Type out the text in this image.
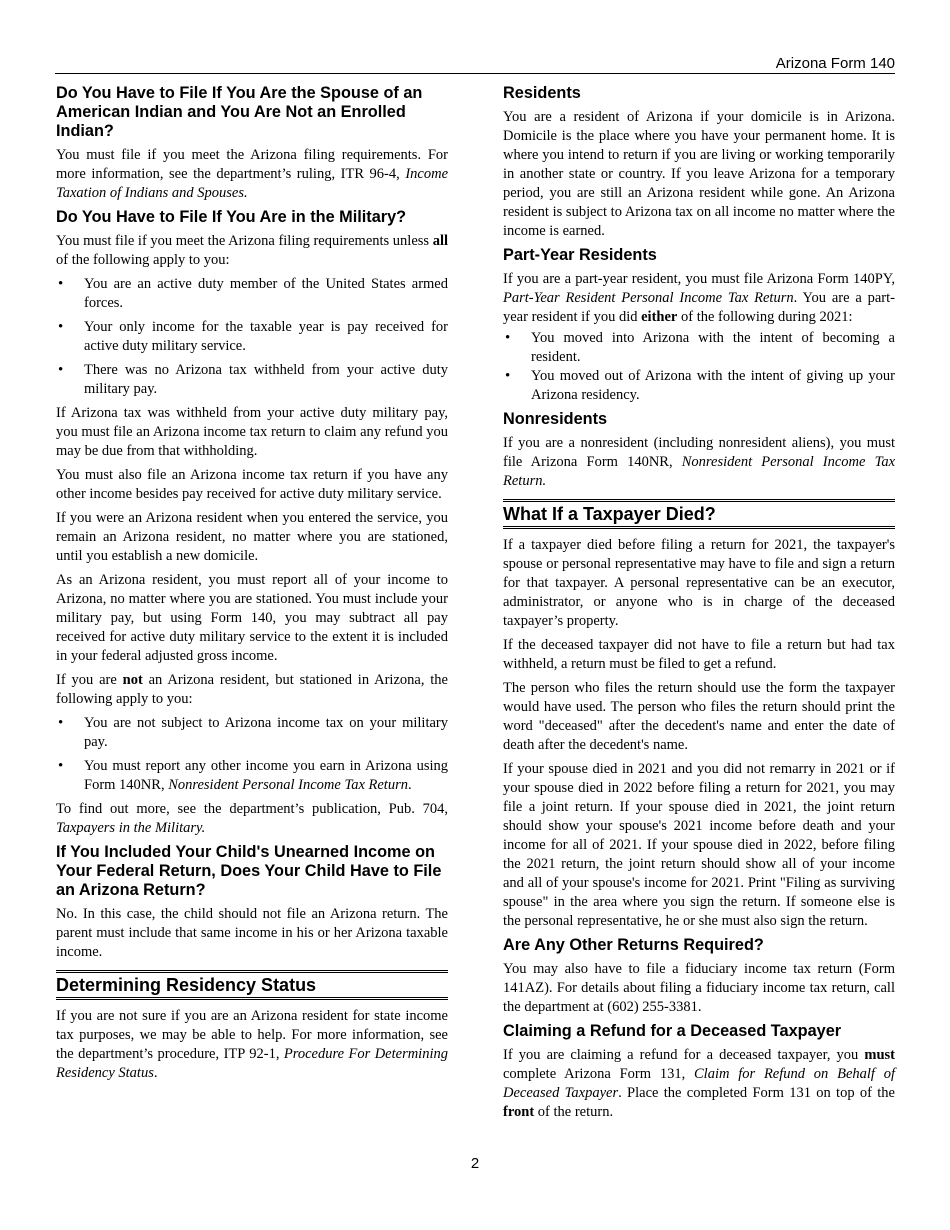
Arizona Form 140
Do You Have to File If You Are the Spouse of an American Indian and You Are Not an Enrolled Indian?

You must file if you meet the Arizona filing requirements. For more information, see the department’s ruling, ITR 96-4, Income Taxation of Indians and Spouses.

Do You Have to File If You Are in the Military?

You must file if you meet the Arizona filing requirements unless all of the following apply to you:

• You are an active duty member of the United States armed forces.
• Your only income for the taxable year is pay received for active duty military service.
• There was no Arizona tax withheld from your active duty military pay.

If Arizona tax was withheld from your active duty military pay, you must file an Arizona income tax return to claim any refund you may be due from that withholding.

You must also file an Arizona income tax return if you have any other income besides pay received for active duty military service.

If you were an Arizona resident when you entered the service, you remain an Arizona resident, no matter where you are stationed, until you establish a new domicile.

As an Arizona resident, you must report all of your income to Arizona, no matter where you are stationed. You must include your military pay, but using Form 140, you may subtract all pay received for active duty military service to the extent it is included in your federal adjusted gross income.

If you are not an Arizona resident, but stationed in Arizona, the following apply to you:

• You are not subject to Arizona income tax on your military pay.
• You must report any other income you earn in Arizona using Form 140NR, Nonresident Personal Income Tax Return.

To find out more, see the department’s publication, Pub. 704, Taxpayers in the Military.

If You Included Your Child's Unearned Income on Your Federal Return, Does Your Child Have to File an Arizona Return?

No. In this case, the child should not file an Arizona return. The parent must include that same income in his or her Arizona taxable income.

Determining Residency Status

If you are not sure if you are an Arizona resident for state income tax purposes, we may be able to help. For more information, see the department’s procedure, ITP 92-1, Procedure For Determining Residency Status.

Residents

You are a resident of Arizona if your domicile is in Arizona. Domicile is the place where you have your permanent home. It is where you intend to return if you are living or working temporarily in another state or country. If you leave Arizona for a temporary period, you are still an Arizona resident while gone. An Arizona resident is subject to Arizona tax on all income no matter where the income is earned.

Part-Year Residents

If you are a part-year resident, you must file Arizona Form 140PY, Part-Year Resident Personal Income Tax Return. You are a part-year resident if you did either of the following during 2021:

• You moved into Arizona with the intent of becoming a resident.
• You moved out of Arizona with the intent of giving up your Arizona residency.
Nonresidents

If you are a nonresident (including nonresident aliens), you must file Arizona Form 140NR, Nonresident Personal Income Tax Return.

What If a Taxpayer Died?

If a taxpayer died before filing a return for 2021, the taxpayer's spouse or personal representative may have to file and sign a return for that taxpayer. A personal representative can be an executor, administrator, or anyone who is in charge of the deceased taxpayer’s property.

If the deceased taxpayer did not have to file a return but had tax withheld, a return must be filed to get a refund.

The person who files the return should use the form the taxpayer would have used. The person who files the return should print the word "deceased" after the decedent's name and enter the date of death after the decedent's name.

If your spouse died in 2021 and you did not remarry in 2021 or if your spouse died in 2022 before filing a return for 2021, you may file a joint return. If your spouse died in 2021, the joint return should show your spouse's 2021 income before death and your income for all of 2021. If your spouse died in 2022, before filing the 2021 return, the joint return should show all of your income and all of your spouse's income for 2021. Print "Filing as surviving spouse" in the area where you sign the return. If someone else is the personal representative, he or she must also sign the return.

Are Any Other Returns Required?

You may also have to file a fiduciary income tax return (Form 141AZ). For details about filing a fiduciary income tax return, call the department at (602) 255-3381.

Claiming a Refund for a Deceased Taxpayer

If you are claiming a refund for a deceased taxpayer, you must complete Arizona Form 131, Claim for Refund on Behalf of Deceased Taxpayer. Place the completed Form 131 on top of the front of the return.

2
